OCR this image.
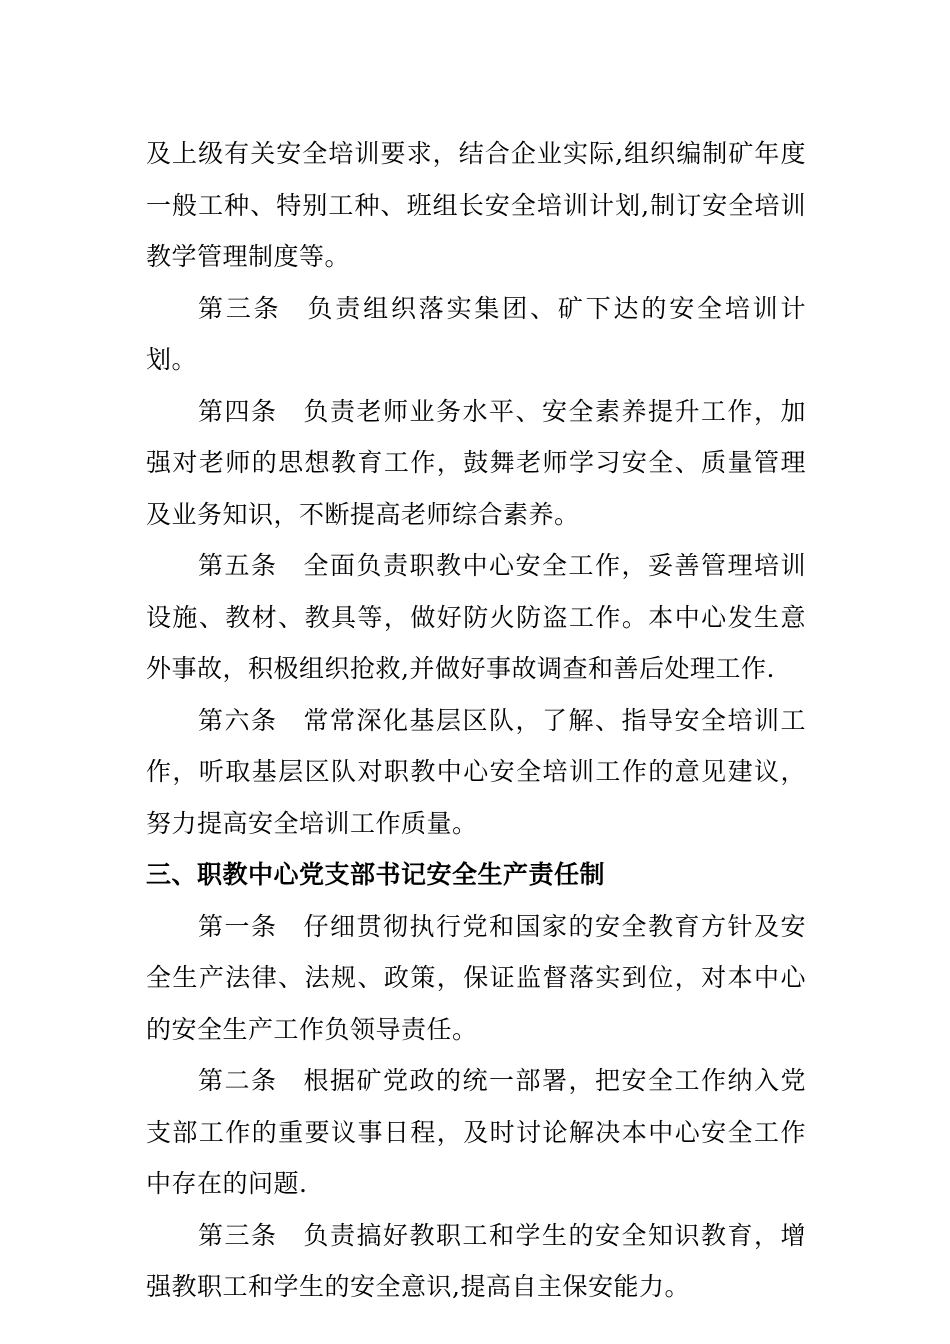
及上级有关安全培训要求，结合企业实际,组织编制矿年度一般工种、特别工种、班组长安全培训计划,制订安全培训教学管理制度等。

第三条 负责组织落实集团、矿下达的安全培训计划。

第四条 负责老师业务水平、安全素养提升工作，加强对老师的思想教育工作，鼓舞老师学习安全、质量管理及业务知识，不断提高老师综合素养。

第五条 全面负责职教中心安全工作，妥善管理培训设施、教材、教具等，做好防火防盗工作。本中心发生意外事故，积极组织抢救,并做好事故调查和善后处理工作.

第六条 常常深化基层区队，了解、指导安全培训工作，听取基层区队对职教中心安全培训工作的意见建议，努力提高安全培训工作质量。

三、职教中心党支部书记安全生产责任制

第一条 仔细贯彻执行党和国家的安全教育方针及安全生产法律、法规、政策，保证监督落实到位，对本中心的安全生产工作负领导责任。

第二条 根据矿党政的统一部署，把安全工作纳入党支部工作的重要议事日程，及时讨论解决本中心安全工作中存在的问题.

第三条 负责搞好教职工和学生的安全知识教育，增强教职工和学生的安全意识,提高自主保安能力。
